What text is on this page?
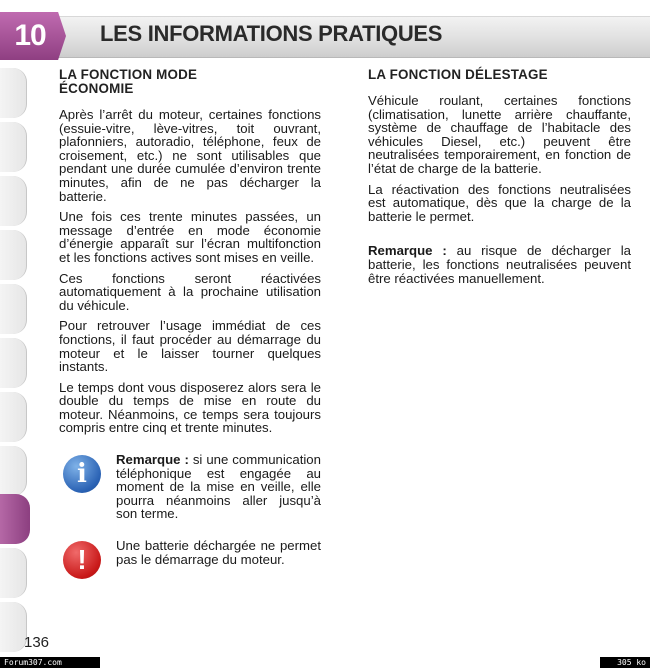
10 LES INFORMATIONS PRATIQUES
LA FONCTION MODE
ÉCONOMIE

Après l’arrêt du moteur, certaines fonctions (essuie-vitre, lève-vitres, toit ouvrant, plafonniers, autoradio, téléphone, feux de croisement, etc.) ne sont utilisables que pendant une durée cumulée d’environ trente minutes, afin de ne pas décharger la batterie.

Une fois ces trente minutes passées, un message d’entrée en mode économie d’énergie apparaît sur l’écran multifonction et les fonctions actives sont mises en veille.

Ces fonctions seront réactivées automatiquement à la prochaine utilisation du véhicule.

Pour retrouver l’usage immédiat de ces fonctions, il faut procéder au démarrage du moteur et le laisser tourner quelques instants.

Le temps dont vous disposerez alors sera le double du temps de mise en route du moteur. Néanmoins, ce temps sera toujours compris entre cinq et trente minutes.

i	Remarque : si une communication téléphonique est engagée au moment de la mise en veille, elle pourra néanmoins aller jusqu’à son terme.

!	Une batterie déchargée ne permet pas le démarrage du moteur.

LA FONCTION DÉLESTAGE

Véhicule roulant, certaines fonctions (climatisation, lunette arrière chauffante, système de chauffage de l’habitacle des véhicules Diesel, etc.) peuvent être neutralisées temporairement, en fonction de l’état de charge de la batterie.

La réactivation des fonctions neutralisées est automatique, dès que la charge de la batterie le permet.

Remarque : au risque de décharger la batterie, les fonctions neutralisées peuvent être réactivées manuellement.

136
Forum307.com	305 ko
